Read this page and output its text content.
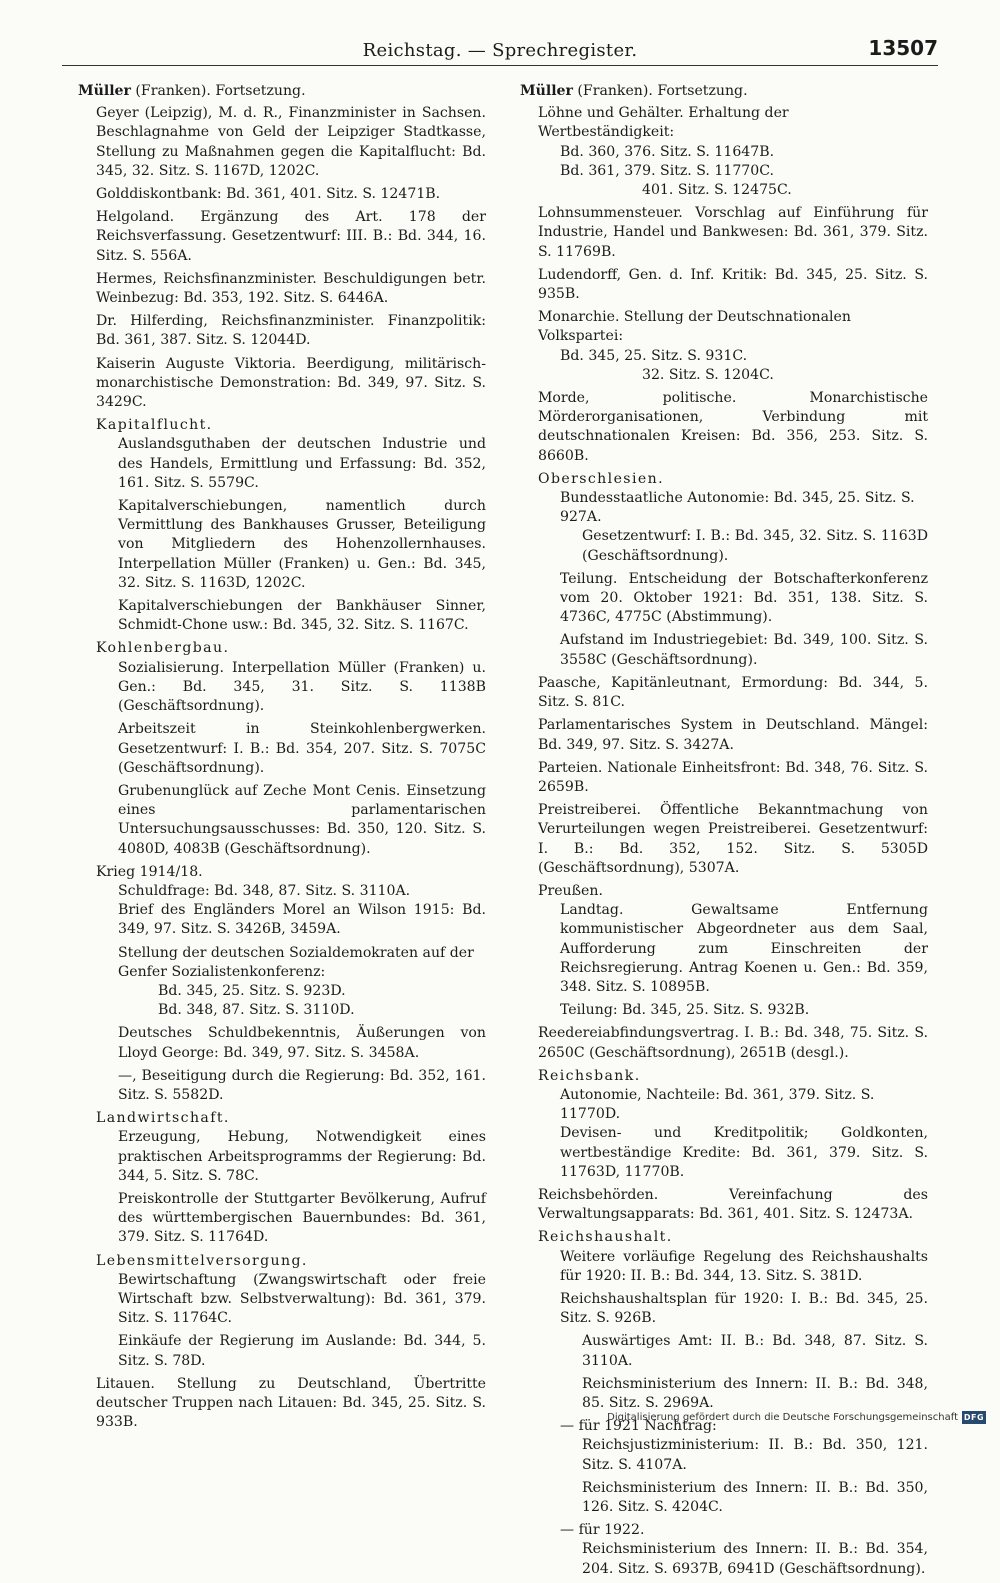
Reichstag. — Sprechregister.	13507
Müller (Franken). Fortsetzung.
Geyer (Leipzig), M. d. R., Finanzminister in Sachsen. Beschlagnahme von Geld der Leipziger Stadtkasse, Stellung zu Maßnahmen gegen die Kapitalflucht: Bd. 345, 32. Sitz. S. 1167D, 1202C.
Golddiskontbank: Bd. 361, 401. Sitz. S. 12471B.
Helgoland. Ergänzung des Art. 178 der Reichsverfassung. Gesetzentwurf: III. B.: Bd. 344, 16. Sitz. S. 556A.
Hermes, Reichsfinanzminister. Beschuldigungen betr. Weinbezug: Bd. 353, 192. Sitz. S. 6446A.
Dr. Hilferding, Reichsfinanzminister. Finanzpolitik: Bd. 361, 387. Sitz. S. 12044D.
Kaiserin Auguste Viktoria. Beerdigung, militärisch-monarchistische Demonstration: Bd. 349, 97. Sitz. S. 3429C.
Kapitalflucht.
Auslandsguthaben der deutschen Industrie und des Handels, Ermittlung und Erfassung: Bd. 352, 161. Sitz. S. 5579C.
Kapitalverschiebungen, namentlich durch Vermittlung des Bankhauses Grusser, Beteiligung von Mitgliedern des Hohenzollernhauses. Interpellation Müller (Franken) u. Gen.: Bd. 345, 32. Sitz. S. 1163D, 1202C.
Kapitalverschiebungen der Bankhäuser Sinner, Schmidt-Chone usw.: Bd. 345, 32. Sitz. S. 1167C.
Kohlenbergbau.
Sozialisierung. Interpellation Müller (Franken) u. Gen.: Bd. 345, 31. Sitz. S. 1138B (Geschäftsordnung).
Arbeitszeit in Steinkohlenbergwerken. Gesetzentwurf: I. B.: Bd. 354, 207. Sitz. S. 7075C (Geschäftsordnung).
Grubenunglück auf Zeche Mont Cenis. Einsetzung eines parlamentarischen Untersuchungsausschusses: Bd. 350, 120. Sitz. S. 4080D, 4083B (Geschäftsordnung).
Krieg 1914/18.
Schuldfrage: Bd. 348, 87. Sitz. S. 3110A.
Brief des Engländers Morel an Wilson 1915: Bd. 349, 97. Sitz. S. 3426B, 3459A.
Stellung der deutschen Sozialdemokraten auf der Genfer Sozialistenkonferenz:
Bd. 345, 25. Sitz. S. 923D.
Bd. 348, 87. Sitz. S. 3110D.
Deutsches Schuldbekenntnis, Äußerungen von Lloyd George: Bd. 349, 97. Sitz. S. 3458A.
—, Beseitigung durch die Regierung: Bd. 352, 161. Sitz. S. 5582D.
Landwirtschaft.
Erzeugung, Hebung, Notwendigkeit eines praktischen Arbeitsprogramms der Regierung: Bd. 344, 5. Sitz. S. 78C.
Preiskontrolle der Stuttgarter Bevölkerung, Aufruf des württembergischen Bauernbundes: Bd. 361, 379. Sitz. S. 11764D.
Lebensmittelversorgung.
Bewirtschaftung (Zwangswirtschaft oder freie Wirtschaft bzw. Selbstverwaltung): Bd. 361, 379. Sitz. S. 11764C.
Einkäufe der Regierung im Auslande: Bd. 344, 5. Sitz. S. 78D.
Litauen. Stellung zu Deutschland, Übertritte deutscher Truppen nach Litauen: Bd. 345, 25. Sitz. S. 933B.
Müller (Franken). Fortsetzung.
Löhne und Gehälter. Erhaltung der Wertbeständigkeit:
Bd. 360, 376. Sitz. S. 11647B.
Bd. 361, 379. Sitz. S. 11770C.
401. Sitz. S. 12475C.
Lohnsummensteuer. Vorschlag auf Einführung für Industrie, Handel und Bankwesen: Bd. 361, 379. Sitz. S. 11769B.
Ludendorff, Gen. d. Inf. Kritik: Bd. 345, 25. Sitz. S. 935B.
Monarchie. Stellung der Deutschnationalen Volkspartei:
Bd. 345, 25. Sitz. S. 931C.
32. Sitz. S. 1204C.
Morde, politische. Monarchistische Mörderorganisationen, Verbindung mit deutschnationalen Kreisen: Bd. 356, 253. Sitz. S. 8660B.
Oberschlesien.
Bundesstaatliche Autonomie: Bd. 345, 25. Sitz. S. 927A.
Gesetzentwurf: I. B.: Bd. 345, 32. Sitz. S. 1163D (Geschäftsordnung).
Teilung. Entscheidung der Botschafterkonferenz vom 20. Oktober 1921: Bd. 351, 138. Sitz. S. 4736C, 4775C (Abstimmung).
Aufstand im Industriegebiet: Bd. 349, 100. Sitz. S. 3558C (Geschäftsordnung).
Paasche, Kapitänleutnant, Ermordung: Bd. 344, 5. Sitz. S. 81C.
Parlamentarisches System in Deutschland. Mängel: Bd. 349, 97. Sitz. S. 3427A.
Parteien. Nationale Einheitsfront: Bd. 348, 76. Sitz. S. 2659B.
Preistreiberei. Öffentliche Bekanntmachung von Verurteilungen wegen Preistreiberei. Gesetzentwurf: I. B.: Bd. 352, 152. Sitz. S. 5305D (Geschäftsordnung), 5307A.
Preußen.
Landtag. Gewaltsame Entfernung kommunistischer Abgeordneter aus dem Saal, Aufforderung zum Einschreiten der Reichsregierung. Antrag Koenen u. Gen.: Bd. 359, 348. Sitz. S. 10895B.
Teilung: Bd. 345, 25. Sitz. S. 932B.
Reedereiabfindungsvertrag. I. B.: Bd. 348, 75. Sitz. S. 2650C (Geschäftsordnung), 2651B (desgl.).
Reichsbank.
Autonomie, Nachteile: Bd. 361, 379. Sitz. S. 11770D.
Devisen- und Kreditpolitik; Goldkonten, wertbeständige Kredite: Bd. 361, 379. Sitz. S. 11763D, 11770B.
Reichsbehörden. Vereinfachung des Verwaltungsapparats: Bd. 361, 401. Sitz. S. 12473A.
Reichshaushalt.
Weitere vorläufige Regelung des Reichshaushalts für 1920: II. B.: Bd. 344, 13. Sitz. S. 381D.
Reichshaushaltsplan für 1920: I. B.: Bd. 345, 25. Sitz. S. 926B.
Auswärtiges Amt: II. B.: Bd. 348, 87. Sitz. S. 3110A.
Reichsministerium des Innern: II. B.: Bd. 348, 85. Sitz. S. 2969A.
— für 1921 Nachtrag:
Reichsjustizministerium: II. B.: Bd. 350, 121. Sitz. S. 4107A.
Reichsministerium des Innern: II. B.: Bd. 350, 126. Sitz. S. 4204C.
— für 1922.
Reichsministerium des Innern: II. B.: Bd. 354, 204. Sitz. S. 6937B, 6941D (Geschäftsordnung).
Digitalisierung gefördert durch die Deutsche Forschungsgemeinschaft DFG
